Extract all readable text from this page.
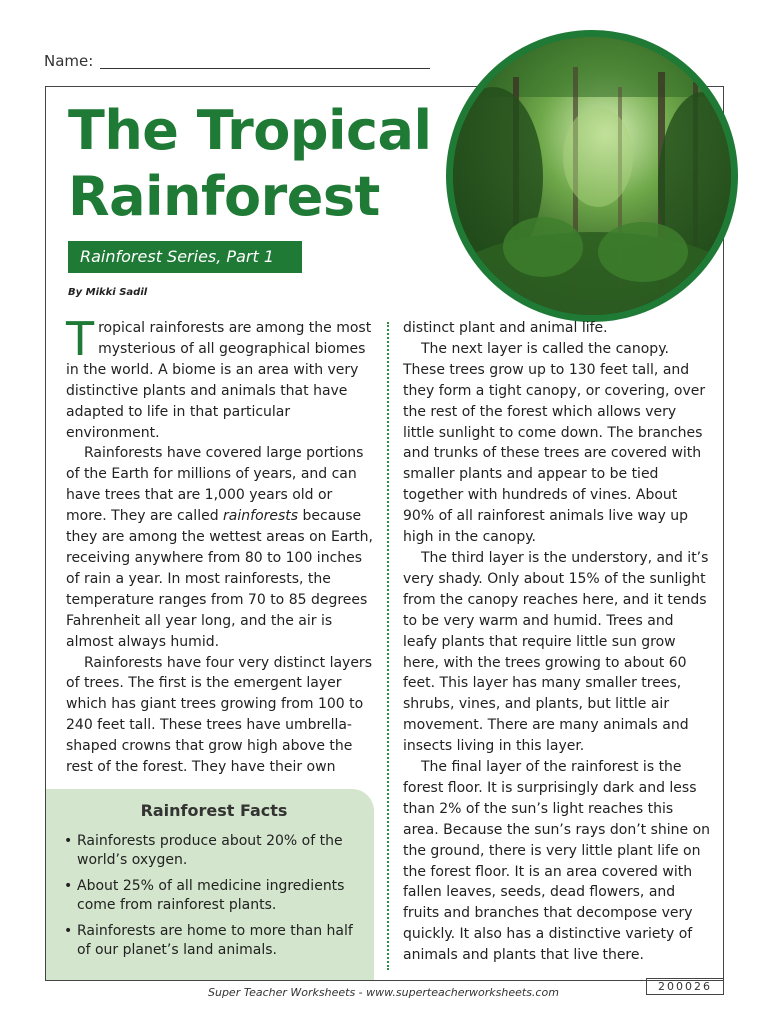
Name:
The Tropical
Rainforest
Rainforest Series, Part 1
By Mikki Sadil

Tropical rainforests are among the most mysterious of all geographical biomes in the world. A biome is an area with very distinctive plants and animals that have adapted to life in that particular environment.

Rainforests have covered large portions of the Earth for millions of years, and can have trees that are 1,000 years old or more. They are called rainforests because they are among the wettest areas on Earth, receiving anywhere from 80 to 100 inches of rain a year. In most rainforests, the temperature ranges from 70 to 85 degrees Fahrenheit all year long, and the air is almost always humid.

Rainforests have four very distinct layers of trees. The first is the emergent layer which has giant trees growing from 100 to 240 feet tall. These trees have umbrella-shaped crowns that grow high above the rest of the forest. They have their own

distinct plant and animal life.

The next layer is called the canopy. These trees grow up to 130 feet tall, and they form a tight canopy, or covering, over the rest of the forest which allows very little sunlight to come down. The branches and trunks of these trees are covered with smaller plants and appear to be tied together with hundreds of vines. About 90% of all rainforest animals live way up high in the canopy.

The third layer is the understory, and it’s very shady. Only about 15% of the sunlight from the canopy reaches here, and it tends to be very warm and humid. Trees and leafy plants that require little sun grow here, with the trees growing to about 60 feet. This layer has many smaller trees, shrubs, vines, and plants, but little air movement. There are many animals and insects living in this layer.

The final layer of the rainforest is the forest floor. It is surprisingly dark and less than 2% of the sun’s light reaches this area. Because the sun’s rays don’t shine on the ground, there is very little plant life on the forest floor. It is an area covered with fallen leaves, seeds, dead flowers, and fruits and branches that decompose very quickly. It also has a distinctive variety of animals and plants that live there.

Rainforest Facts
• Rainforests produce about 20% of the world’s oxygen.
• About 25% of all medicine ingredients come from rainforest plants.
• Rainforests are home to more than half of our planet’s land animals.
Super Teacher Worksheets - www.superteacherworksheets.com	200026
